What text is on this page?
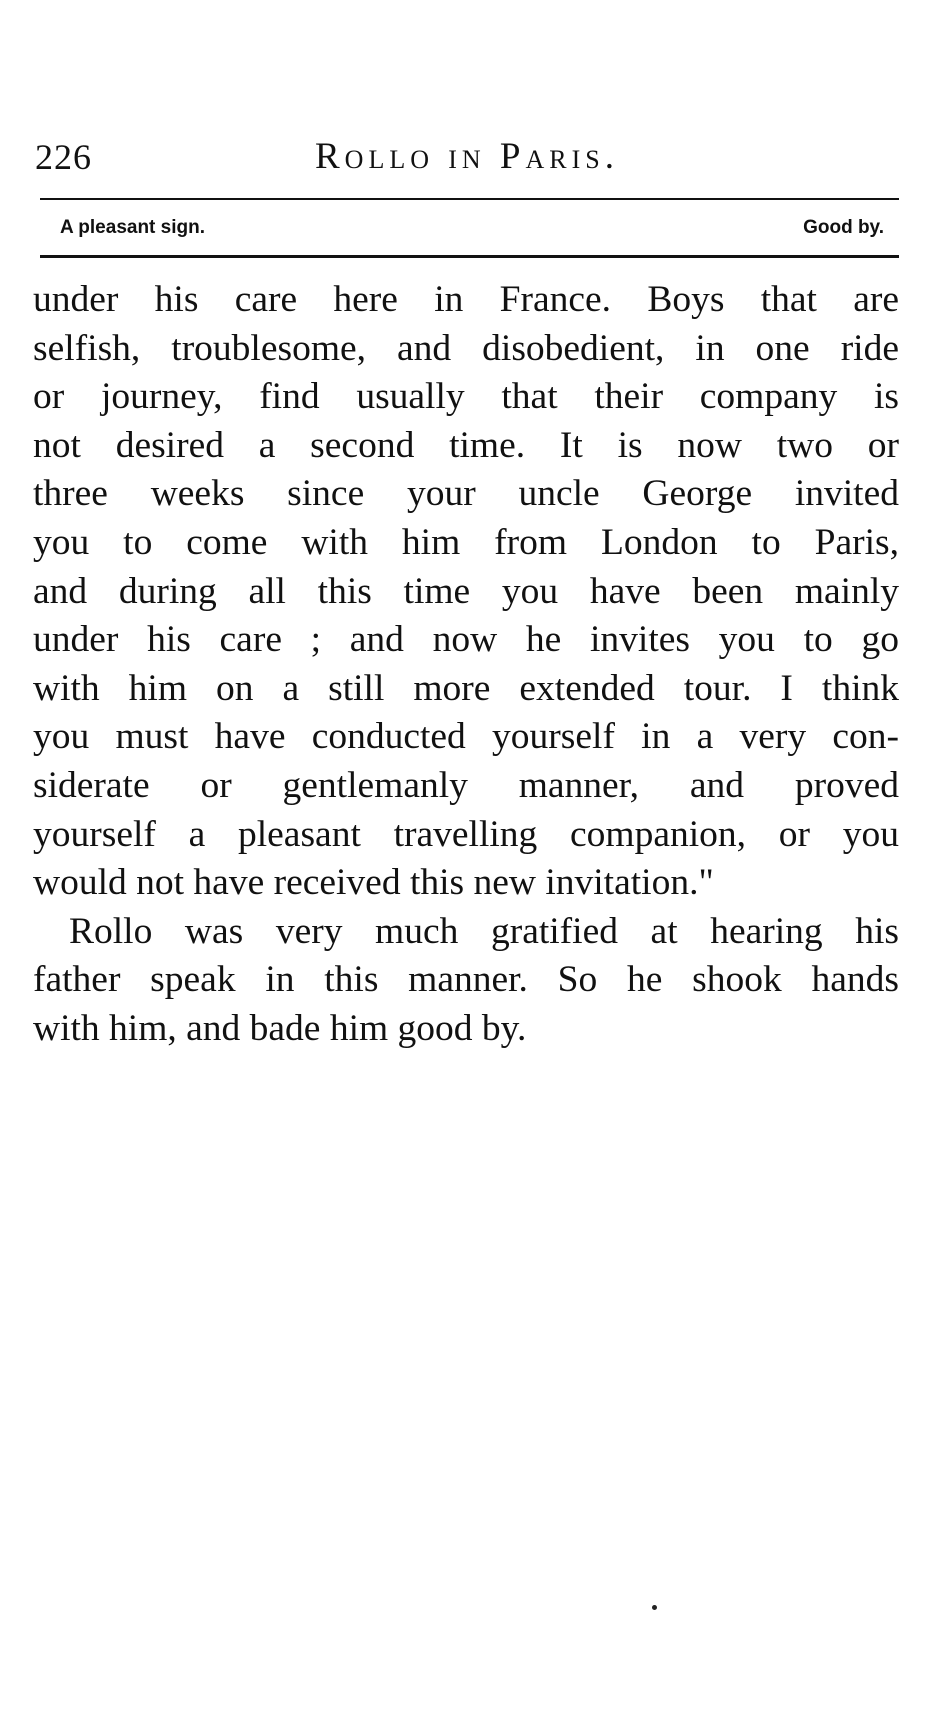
226	Rollo in Paris.
A pleasant sign.	Good by.
under his care here in France. Boys that are
selfish, troublesome, and disobedient, in one ride
or journey, find usually that their company is
not desired a second time. It is now two or
three weeks since your uncle George invited
you to come with him from London to Paris,
and during all this time you have been mainly
under his care ; and now he invites you to go
with him on a still more extended tour. I think
you must have conducted yourself in a very con-
siderate or gentlemanly manner, and proved
yourself a pleasant travelling companion, or you
would not have received this new invitation."
Rollo was very much gratified at hearing his
father speak in this manner. So he shook hands
with him, and bade him good by.
